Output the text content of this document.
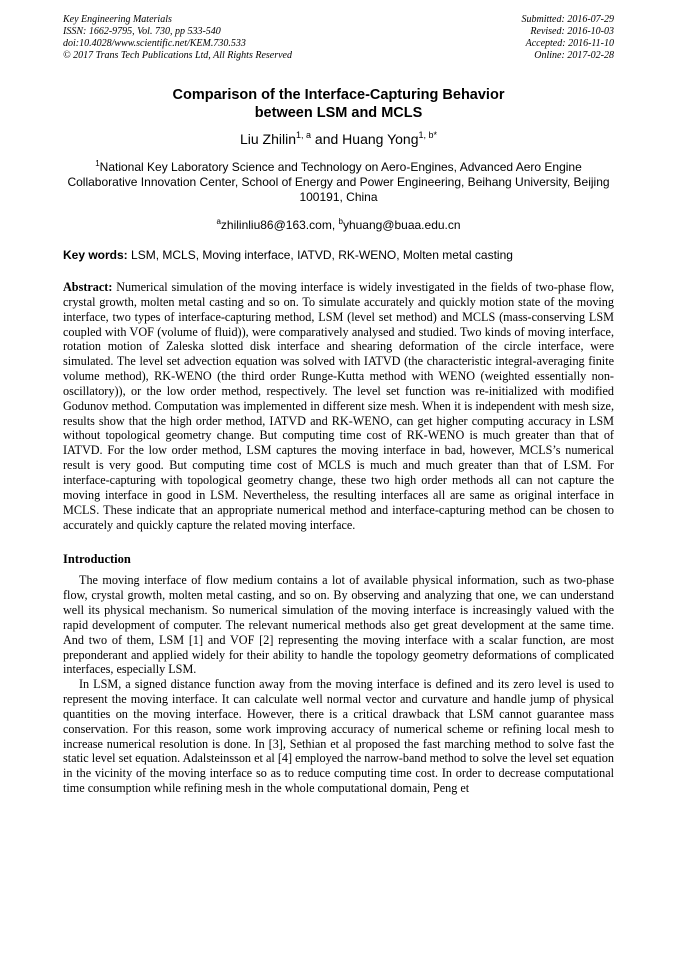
Key Engineering Materials
ISSN: 1662-9795, Vol. 730, pp 533-540
doi:10.4028/www.scientific.net/KEM.730.533
© 2017 Trans Tech Publications Ltd, All Rights Reserved
Submitted: 2016-07-29
Revised: 2016-10-03
Accepted: 2016-11-10
Online: 2017-02-28
Comparison of the Interface-Capturing Behavior
between LSM and MCLS
Liu Zhilin$^{1, a}$ and Huang Yong$^{1, b*}$
$^1$National Key Laboratory Science and Technology on Aero-Engines, Advanced Aero Engine Collaborative Innovation Center, School of Energy and Power Engineering, Beihang University, Beijing 100191, China
$^a$zhilinliu86@163.com, $^b$yhuang@buaa.edu.cn
Key words: LSM, MCLS, Moving interface, IATVD, RK-WENO, Molten metal casting
Abstract: Numerical simulation of the moving interface is widely investigated in the fields of two-phase flow, crystal growth, molten metal casting and so on. To simulate accurately and quickly motion state of the moving interface, two types of interface-capturing method, LSM (level set method) and MCLS (mass-conserving LSM coupled with VOF (volume of fluid)), were comparatively analysed and studied. Two kinds of moving interface, rotation motion of Zaleska slotted disk interface and shearing deformation of the circle interface, were simulated. The level set advection equation was solved with IATVD (the characteristic integral-averaging finite volume method), RK-WENO (the third order Runge-Kutta method with WENO (weighted essentially non-oscillatory)), or the low order method, respectively. The level set function was re-initialized with modified Godunov method. Computation was implemented in different size mesh. When it is independent with mesh size, results show that the high order method, IATVD and RK-WENO, can get higher computing accuracy in LSM without topological geometry change. But computing time cost of RK-WENO is much greater than that of IATVD. For the low order method, LSM captures the moving interface in bad, however, MCLS’s numerical result is very good. But computing time cost of MCLS is much and much greater than that of LSM. For interface-capturing with topological geometry change, these two high order methods all can not capture the moving interface in good in LSM. Nevertheless, the resulting interfaces all are same as original interface in MCLS. These indicate that an appropriate numerical method and interface-capturing method can be chosen to accurately and quickly capture the related moving interface.
Introduction

The moving interface of flow medium contains a lot of available physical information, such as two-phase flow, crystal growth, molten metal casting, and so on. By observing and analyzing that one, we can understand well its physical mechanism. So numerical simulation of the moving interface is increasingly valued with the rapid development of computer. The relevant numerical methods also get great development at the same time. And two of them, LSM [1] and VOF [2] representing the moving interface with a scalar function, are most preponderant and applied widely for their ability to handle the topology geometry deformations of complicated interfaces, especially LSM.

In LSM, a signed distance function away from the moving interface is defined and its zero level is used to represent the moving interface. It can calculate well normal vector and curvature and handle jump of physical quantities on the moving interface. However, there is a critical drawback that LSM cannot guarantee mass conservation. For this reason, some work improving accuracy of numerical scheme or refining local mesh to increase numerical resolution is done. In [3], Sethian et al proposed the fast marching method to solve fast the static level set equation. Adalsteinsson et al [4] employed the narrow-band method to solve the level set equation in the vicinity of the moving interface so as to reduce computing time cost. In order to decrease computational time consumption while refining mesh in the whole computational domain, Peng et
